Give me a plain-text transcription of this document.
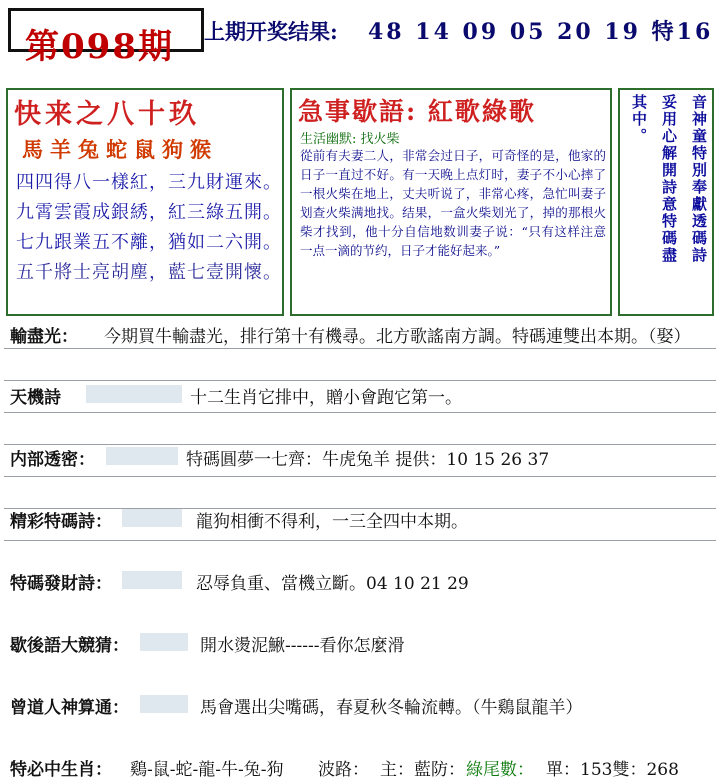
第098期 上期开奖结果: 48 14 09 05 20 19 特16
快来之八十玖
馬羊兔蛇鼠狗猴
四四得八一樣紅，三九財運來。
九霄雲霞成銀綉，紅三綠五開。
七九跟業五不離，猶如二六開。
五千將士亮胡塵，藍七壹開懷。
急事歇語: 紅歌綠歌
生活幽默: 找火柴
從前有夫妻二人，非常会过日子，可奇怪的是，他家的日子一直过不好。有一天晚上点灯时，妻子不小心摔了一根火柴在地上，丈夫听说了，非常心疼，急忙叫妻子划查火柴满地找。结果，一盒火柴划光了，掉的那根火柴才找到，他十分自信地数训妻子说：“只有这样注意一点一滴的节约，日子才能好起来。”	音神童特別奉獻透碼詩
妥用心解開詩意特碼盡
其中。
輸盡光： 今期買牛輸盡光，排行第十有機尋。北方歌謠南方調。特碼連雙出本期。（娶）
天機詩	十二生肖它排中，贈小會跑它第一。
内部透密：	特碼圓夢一七齊：牛虎兔羊 提供：10 15 26 37
精彩特碼詩：	龍狗相衝不得利，一三全四中本期。
特碼發財詩：	忍辱負重、當機立斷。04 10 21 29
歇後語大競猜：	開水燙泥鰍------看你怎麼滑
曾道人神算通：	馬會選出尖嘴碼，春夏秋冬輪流轉。（牛鷄鼠龍羊）
特必中生肖： 鷄-鼠-蛇-龍-牛-兔-狗 波路： 主：藍防： 綠尾數： 單：153雙：268
